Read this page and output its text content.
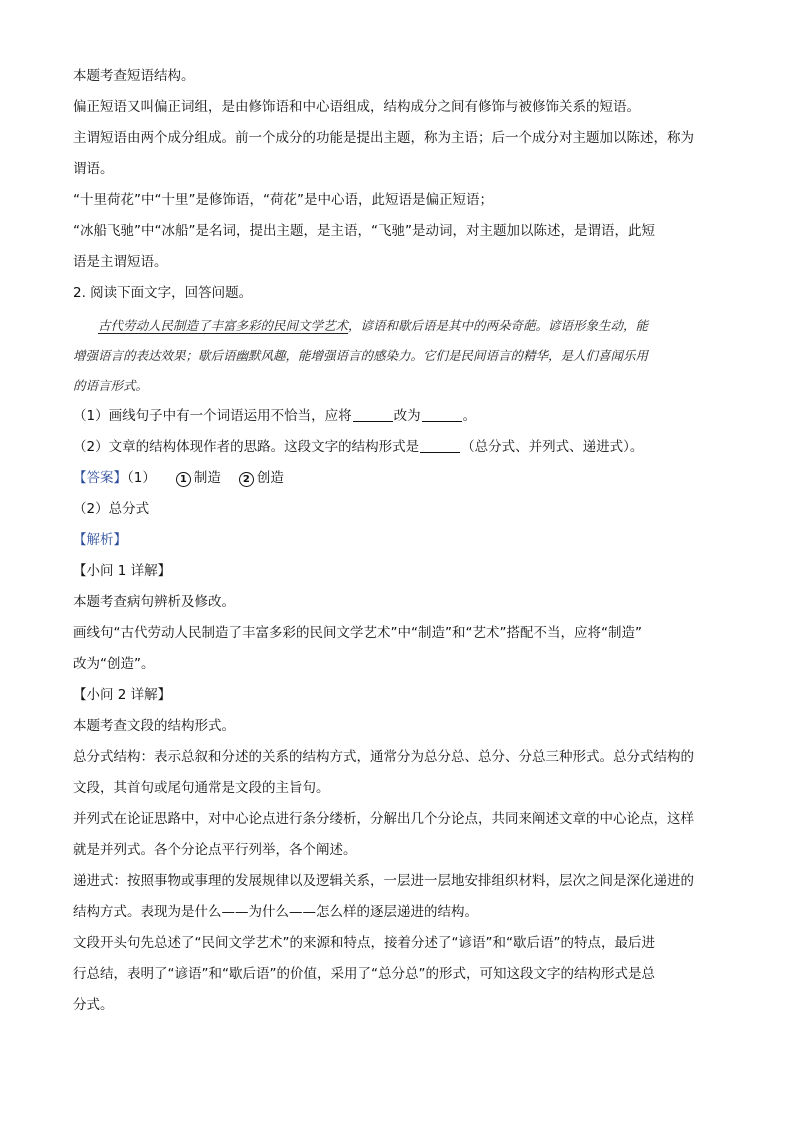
本题考查短语结构。
偏正短语又叫偏正词组，是由修饰语和中心语组成，结构成分之间有修饰与被修饰关系的短语。
主谓短语由两个成分组成。前一个成分的功能是提出主题，称为主语；后一个成分对主题加以陈述，称为
谓语。
“十里荷花”中“十里”是修饰语，“荷花”是中心语，此短语是偏正短语；
“冰船飞驰”中“冰船”是名词，提出主题，是主语，“飞驰”是动词，对主题加以陈述，是谓语，此短
语是主谓短语。
2. 阅读下面文字，回答问题。
古代劳动人民制造了丰富多彩的民间文学艺术，谚语和歇后语是其中的两朵奇葩。谚语形象生动，能
增强语言的表达效果；歇后语幽默风趣，能增强语言的感染力。它们是民间语言的精华，是人们喜闻乐用
的语言形式。
（1）画线句子中有一个词语运用不恰当，应将	改为	。
（2）文章的结构体现作者的思路。这段文字的结构形式是	（总分式、并列式、递进式）。
【答案】（1） 1 制造 2 创造
（2）总分式
【解析】
【小问 1 详解】
本题考查病句辨析及修改。
画线句“古代劳动人民制造了丰富多彩的民间文学艺术”中“制造”和“艺术”搭配不当，应将“制造”
改为“创造”。
【小问 2 详解】
本题考查文段的结构形式。
总分式结构：表示总叙和分述的关系的结构方式，通常分为总分总、总分、分总三种形式。总分式结构的
文段，其首句或尾句通常是文段的主旨句。
并列式在论证思路中，对中心论点进行条分缕析，分解出几个分论点，共同来阐述文章的中心论点，这样
就是并列式。各个分论点平行列举，各个阐述。
递进式：按照事物或事理的发展规律以及逻辑关系，一层进一层地安排组织材料，层次之间是深化递进的
结构方式。表现为是什么——为什么——怎么样的逐层递进的结构。
文段开头句先总述了“民间文学艺术”的来源和特点，接着分述了“谚语”和“歇后语”的特点，最后进
行总结，表明了“谚语”和“歇后语”的价值，采用了“总分总”的形式，可知这段文字的结构形式是总
分式。
